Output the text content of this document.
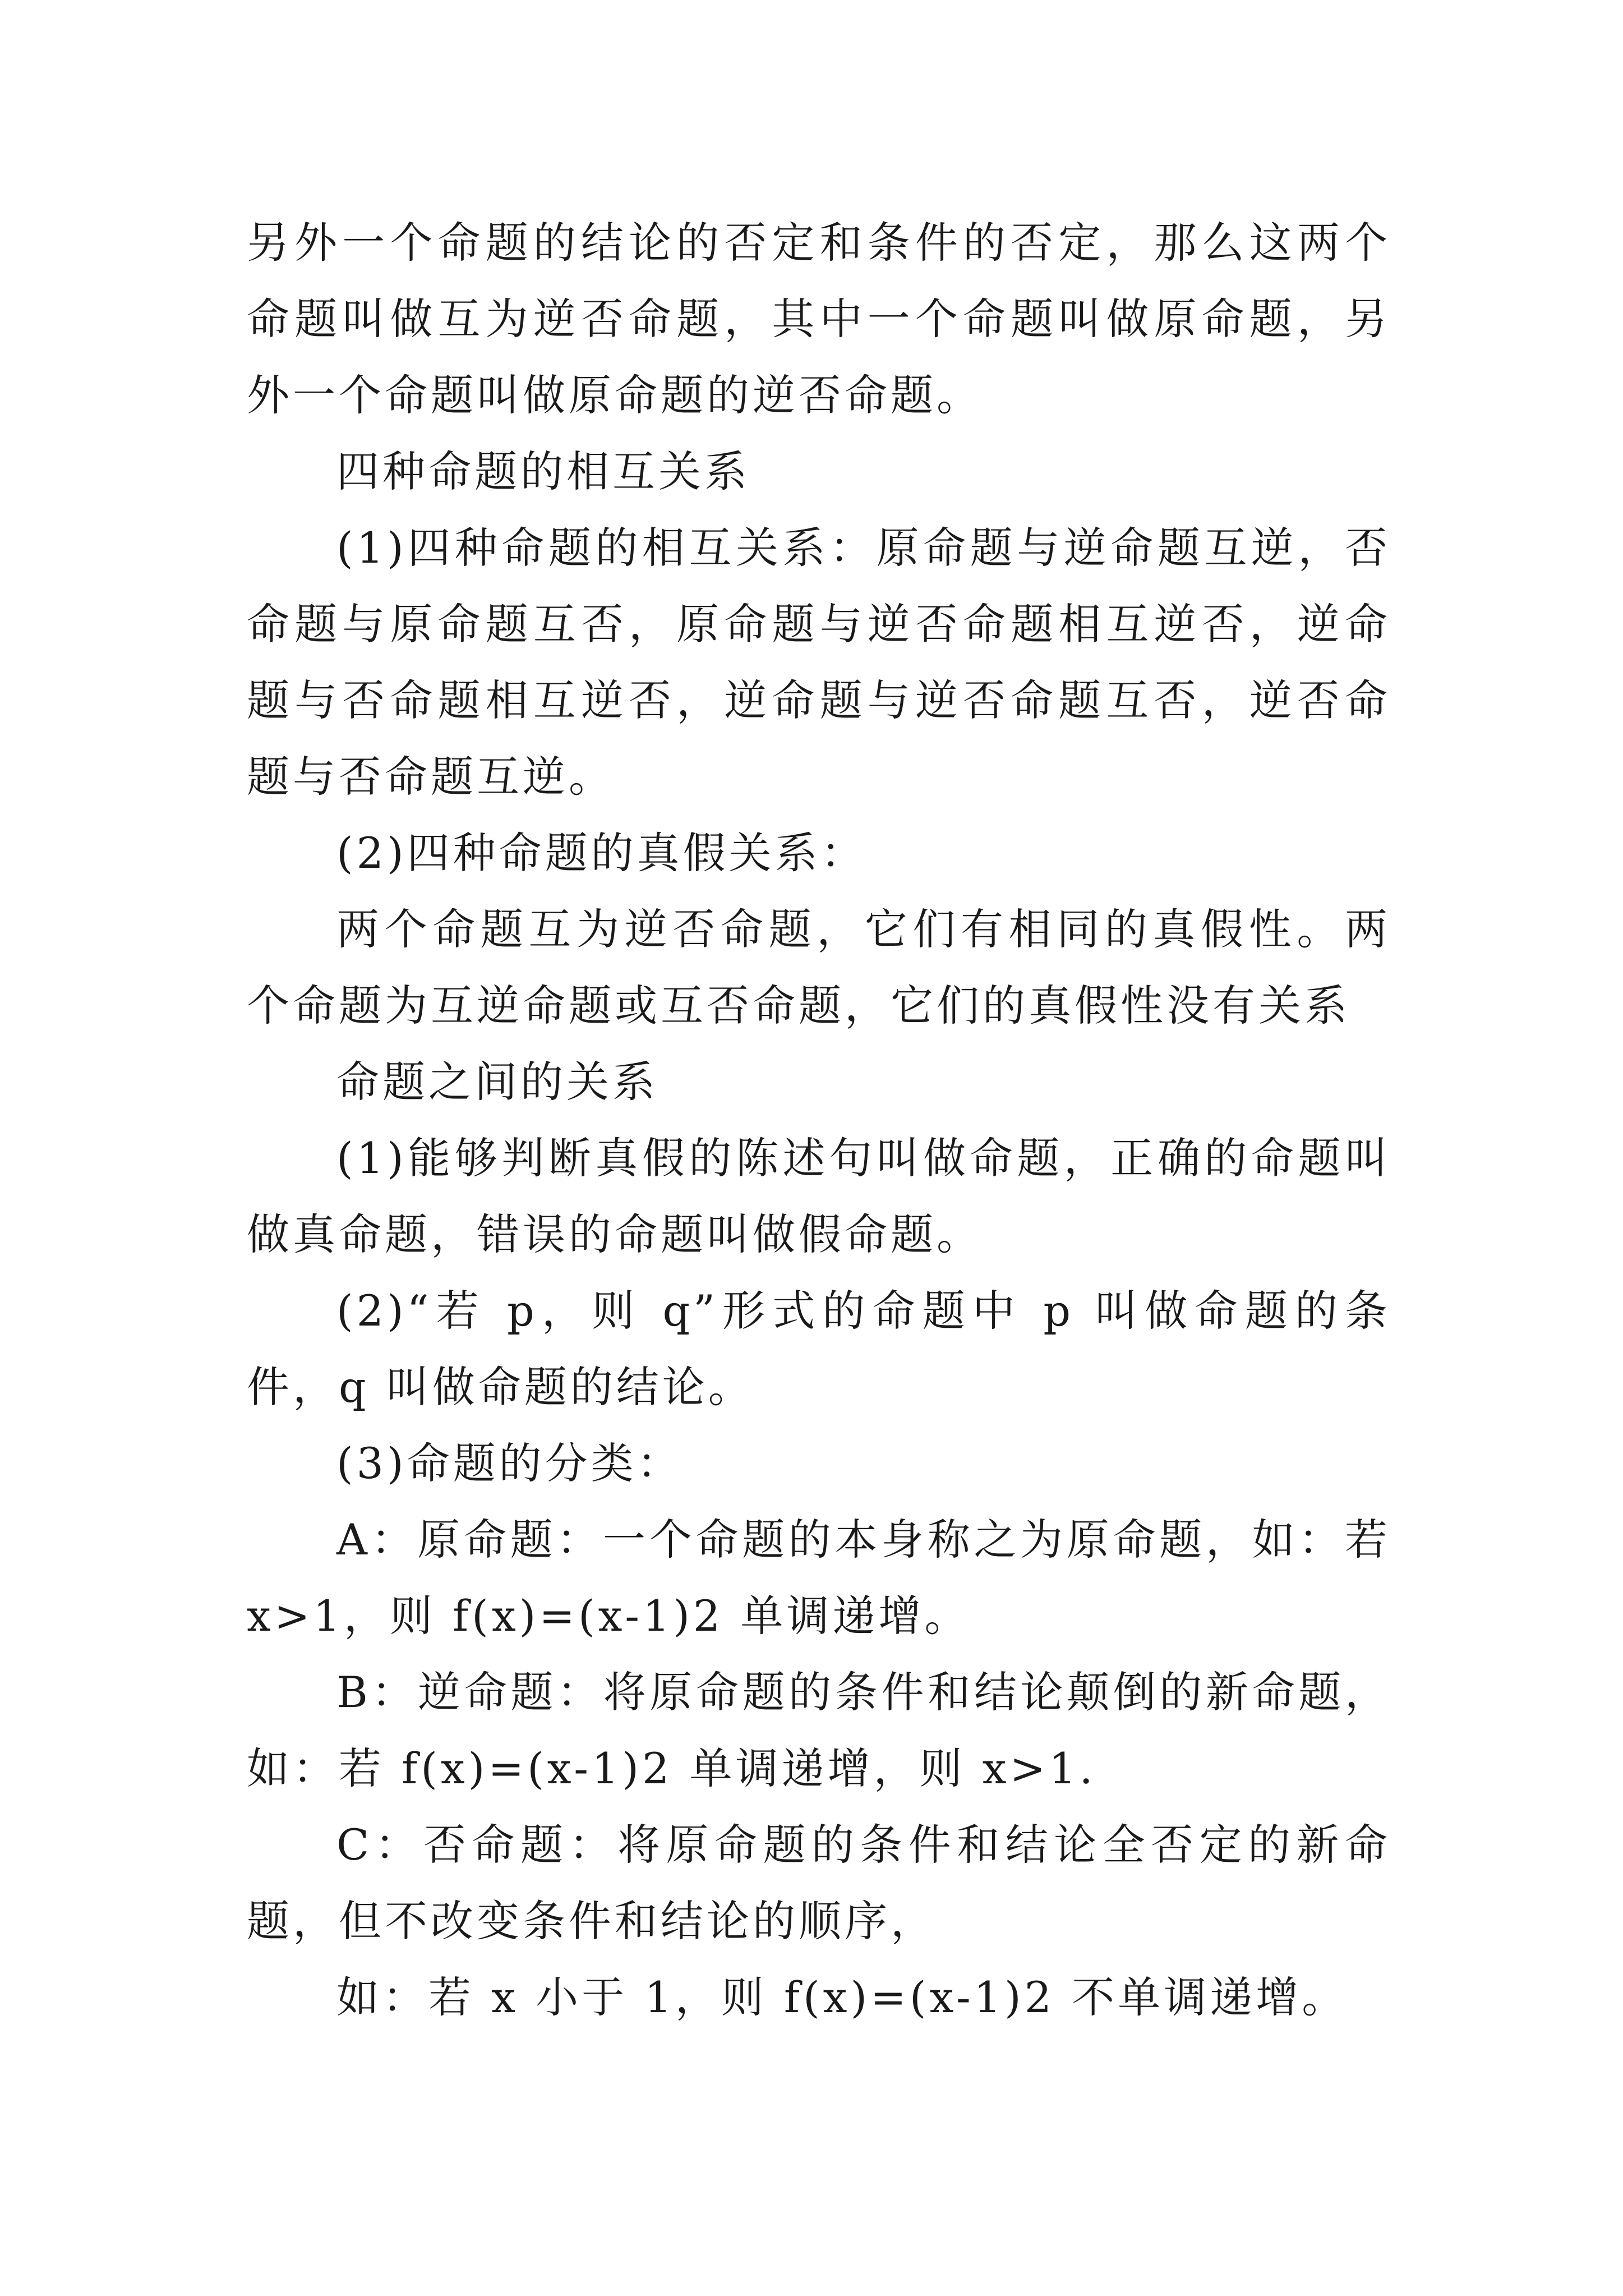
另外一个命题的结论的否定和条件的否定，那么这两个命题叫做互为逆否命题，其中一个命题叫做原命题，另外一个命题叫做原命题的逆否命题。

四种命题的相互关系

(1)四种命题的相互关系：原命题与逆命题互逆，否命题与原命题互否，原命题与逆否命题相互逆否，逆命题与否命题相互逆否，逆命题与逆否命题互否，逆否命题与否命题互逆。

(2)四种命题的真假关系：

两个命题互为逆否命题，它们有相同的真假性。两个命题为互逆命题或互否命题，它们的真假性没有关系

命题之间的关系

(1)能够判断真假的陈述句叫做命题，正确的命题叫做真命题，错误的命题叫做假命题。

(2)“若 p，则 q”形式的命题中 p 叫做命题的条件，q 叫做命题的结论。

(3)命题的分类：

A：原命题：一个命题的本身称之为原命题，如：若 x>1，则 f(x)=(x-1)2 单调递增。

B：逆命题：将原命题的条件和结论颠倒的新命题，如：若 f(x)=(x-1)2 单调递增，则 x>1.

C：否命题：将原命题的条件和结论全否定的新命题，但不改变条件和结论的顺序，

如：若 x 小于 1，则 f(x)=(x-1)2 不单调递增。
